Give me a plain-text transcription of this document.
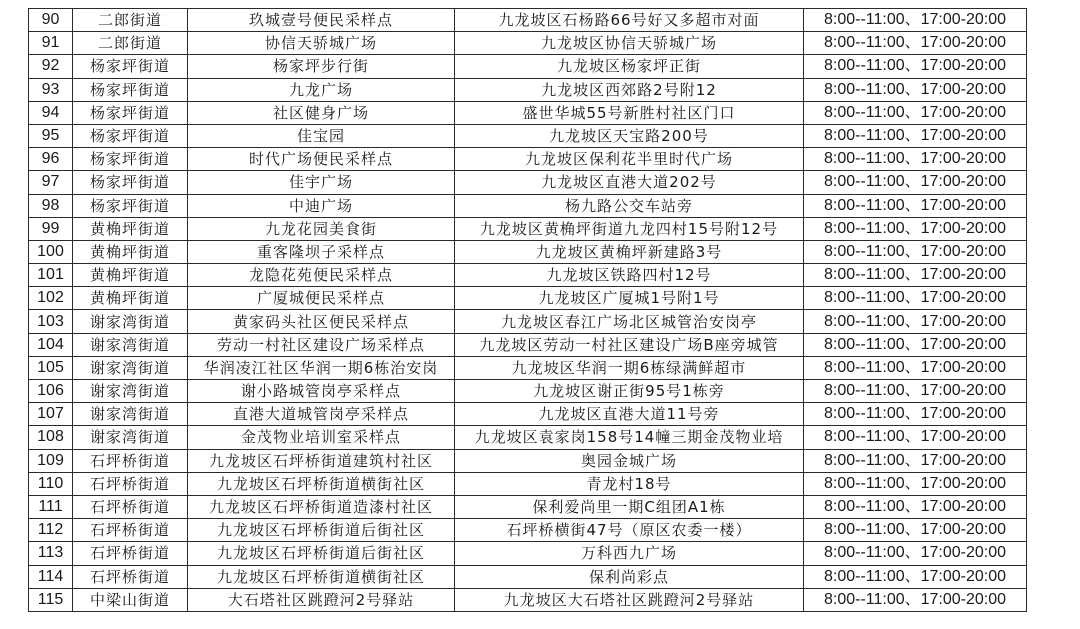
90	二郎街道	玖城壹号便民采样点	九龙坡区石杨路66号好又多超市对面	8:00--11:00、17:00-20:00
91	二郎街道	协信天骄城广场	九龙坡区协信天骄城广场	8:00--11:00、17:00-20:00
92	杨家坪街道	杨家坪步行街	九龙坡区杨家坪正街	8:00--11:00、17:00-20:00
93	杨家坪街道	九龙广场	九龙坡区西郊路2号附12	8:00--11:00、17:00-20:00
94	杨家坪街道	社区健身广场	盛世华城55号新胜村社区门口	8:00--11:00、17:00-20:00
95	杨家坪街道	佳宝园	九龙坡区天宝路200号	8:00--11:00、17:00-20:00
96	杨家坪街道	时代广场便民采样点	九龙坡区保利花半里时代广场	8:00--11:00、17:00-20:00
97	杨家坪街道	佳宇广场	九龙坡区直港大道202号	8:00--11:00、17:00-20:00
98	杨家坪街道	中迪广场	杨九路公交车站旁	8:00--11:00、17:00-20:00
99	黄桷坪街道	九龙花园美食街	九龙坡区黄桷坪街道九龙四村15号附12号	8:00--11:00、17:00-20:00
100	黄桷坪街道	重客隆坝子采样点	九龙坡区黄桷坪新建路3号	8:00--11:00、17:00-20:00
101	黄桷坪街道	龙隐花苑便民采样点	九龙坡区铁路四村12号	8:00--11:00、17:00-20:00
102	黄桷坪街道	广厦城便民采样点	九龙坡区广厦城1号附1号	8:00--11:00、17:00-20:00
103	谢家湾街道	黄家码头社区便民采样点	九龙坡区春江广场北区城管治安岗亭	8:00--11:00、17:00-20:00
104	谢家湾街道	劳动一村社区建设广场采样点	九龙坡区劳动一村社区建设广场B座旁城管	8:00--11:00、17:00-20:00
105	谢家湾街道	华润凌江社区华润一期6栋治安岗	九龙坡区华润一期6栋绿满鲜超市	8:00--11:00、17:00-20:00
106	谢家湾街道	谢小路城管岗亭采样点	九龙坡区谢正街95号1栋旁	8:00--11:00、17:00-20:00
107	谢家湾街道	直港大道城管岗亭采样点	九龙坡区直港大道11号旁	8:00--11:00、17:00-20:00
108	谢家湾街道	金茂物业培训室采样点	九龙坡区袁家岗158号14幢三期金茂物业培	8:00--11:00、17:00-20:00
109	石坪桥街道	九龙坡区石坪桥街道建筑村社区	奥园金城广场	8:00--11:00、17:00-20:00
110	石坪桥街道	九龙坡区石坪桥街道横街社区	青龙村18号	8:00--11:00、17:00-20:00
111	石坪桥街道	九龙坡区石坪桥街道造漆村社区	保利爱尚里一期C组团A1栋	8:00--11:00、17:00-20:00
112	石坪桥街道	九龙坡区石坪桥街道后街社区	石坪桥横街47号（原区农委一楼）	8:00--11:00、17:00-20:00
113	石坪桥街道	九龙坡区石坪桥街道后街社区	万科西九广场	8:00--11:00、17:00-20:00
114	石坪桥街道	九龙坡区石坪桥街道横街社区	保利尚彩点	8:00--11:00、17:00-20:00
115	中梁山街道	大石塔社区跳蹬河2号驿站	九龙坡区大石塔社区跳蹬河2号驿站	8:00--11:00、17:00-20:00
